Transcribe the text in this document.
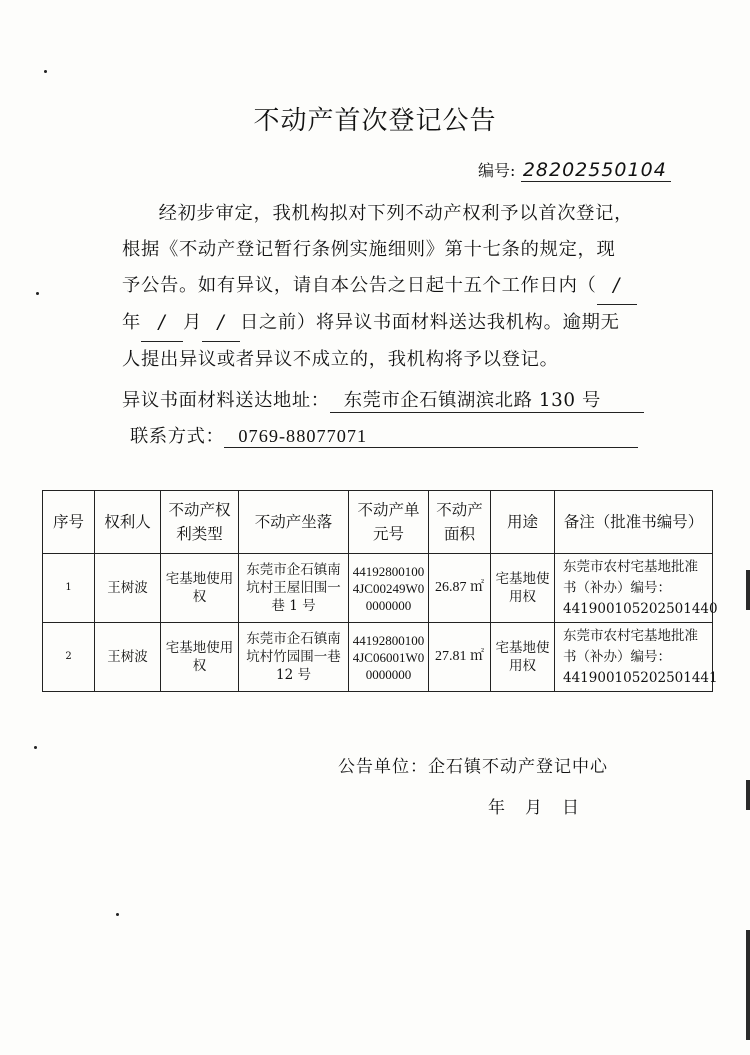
不动产首次登记公告
编号: 28202550104
经初步审定，我机构拟对下列不动产权利予以首次登记，
根据《不动产登记暂行条例实施细则》第十七条的规定，现
予公告。如有异议，请自本公告之日起十五个工作日内（ /
年 / 月 / 日之前）将异议书面材料送达我机构。逾期无
人提出异议或者异议不成立的，我机构将予以登记。
异议书面材料送达地址： 东莞市企石镇湖滨北路 130 号
联系方式： 0769-88077071
序号	权利人	不动产权利类型	不动产坐落	不动产单元号	不动产面积	用途	备注（批准书编号）
1	王树波	宅基地使用权	东莞市企石镇南坑村王屋旧围一巷 1 号	441928001004JC00249W00000000	26.87 ㎡	宅基地使用权	东莞市农村宅基地批准书（补办）编号：441900105202501440
2	王树波	宅基地使用权	东莞市企石镇南坑村竹园围一巷 12 号	441928001004JC06001W00000000	27.81 ㎡	宅基地使用权	东莞市农村宅基地批准书（补办）编号：441900105202501441
公告单位：企石镇不动产登记中心
年 月 日
